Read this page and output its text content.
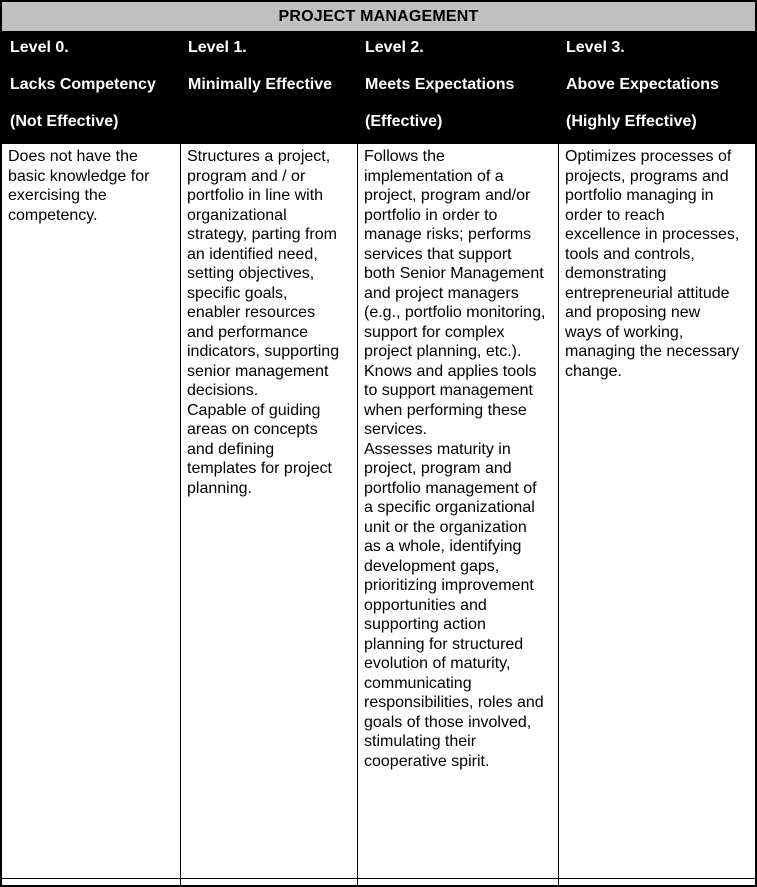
PROJECT MANAGEMENT
Level 0.
Lacks Competency
(Not Effective)
Level 1.
Minimally Effective
Level 2.
Meets Expectations
(Effective)
Level 3.
Above Expectations
(Highly Effective)

Does not have the basic knowledge for exercising the competency.

Structures a project, program and / or portfolio in line with organizational strategy, parting from an identified need, setting objectives, specific goals, enabler resources and performance indicators, supporting senior management decisions.

Capable of guiding areas on concepts and defining templates for project planning.

Follows the implementation of a project, program and/or portfolio in order to manage risks; performs services that support both Senior Management and project managers (e.g., portfolio monitoring, support for complex project planning, etc.).

Knows and applies tools to support management when performing these services.

Assesses maturity in project, program and portfolio management of a specific organizational unit or the organization as a whole, identifying development gaps, prioritizing improvement opportunities and supporting action planning for structured evolution of maturity, communicating responsibilities, roles and goals of those involved, stimulating their cooperative spirit.

Optimizes processes of projects, programs and portfolio managing in order to reach excellence in processes, tools and controls, demonstrating entrepreneurial attitude and proposing new ways of working, managing the necessary change.
